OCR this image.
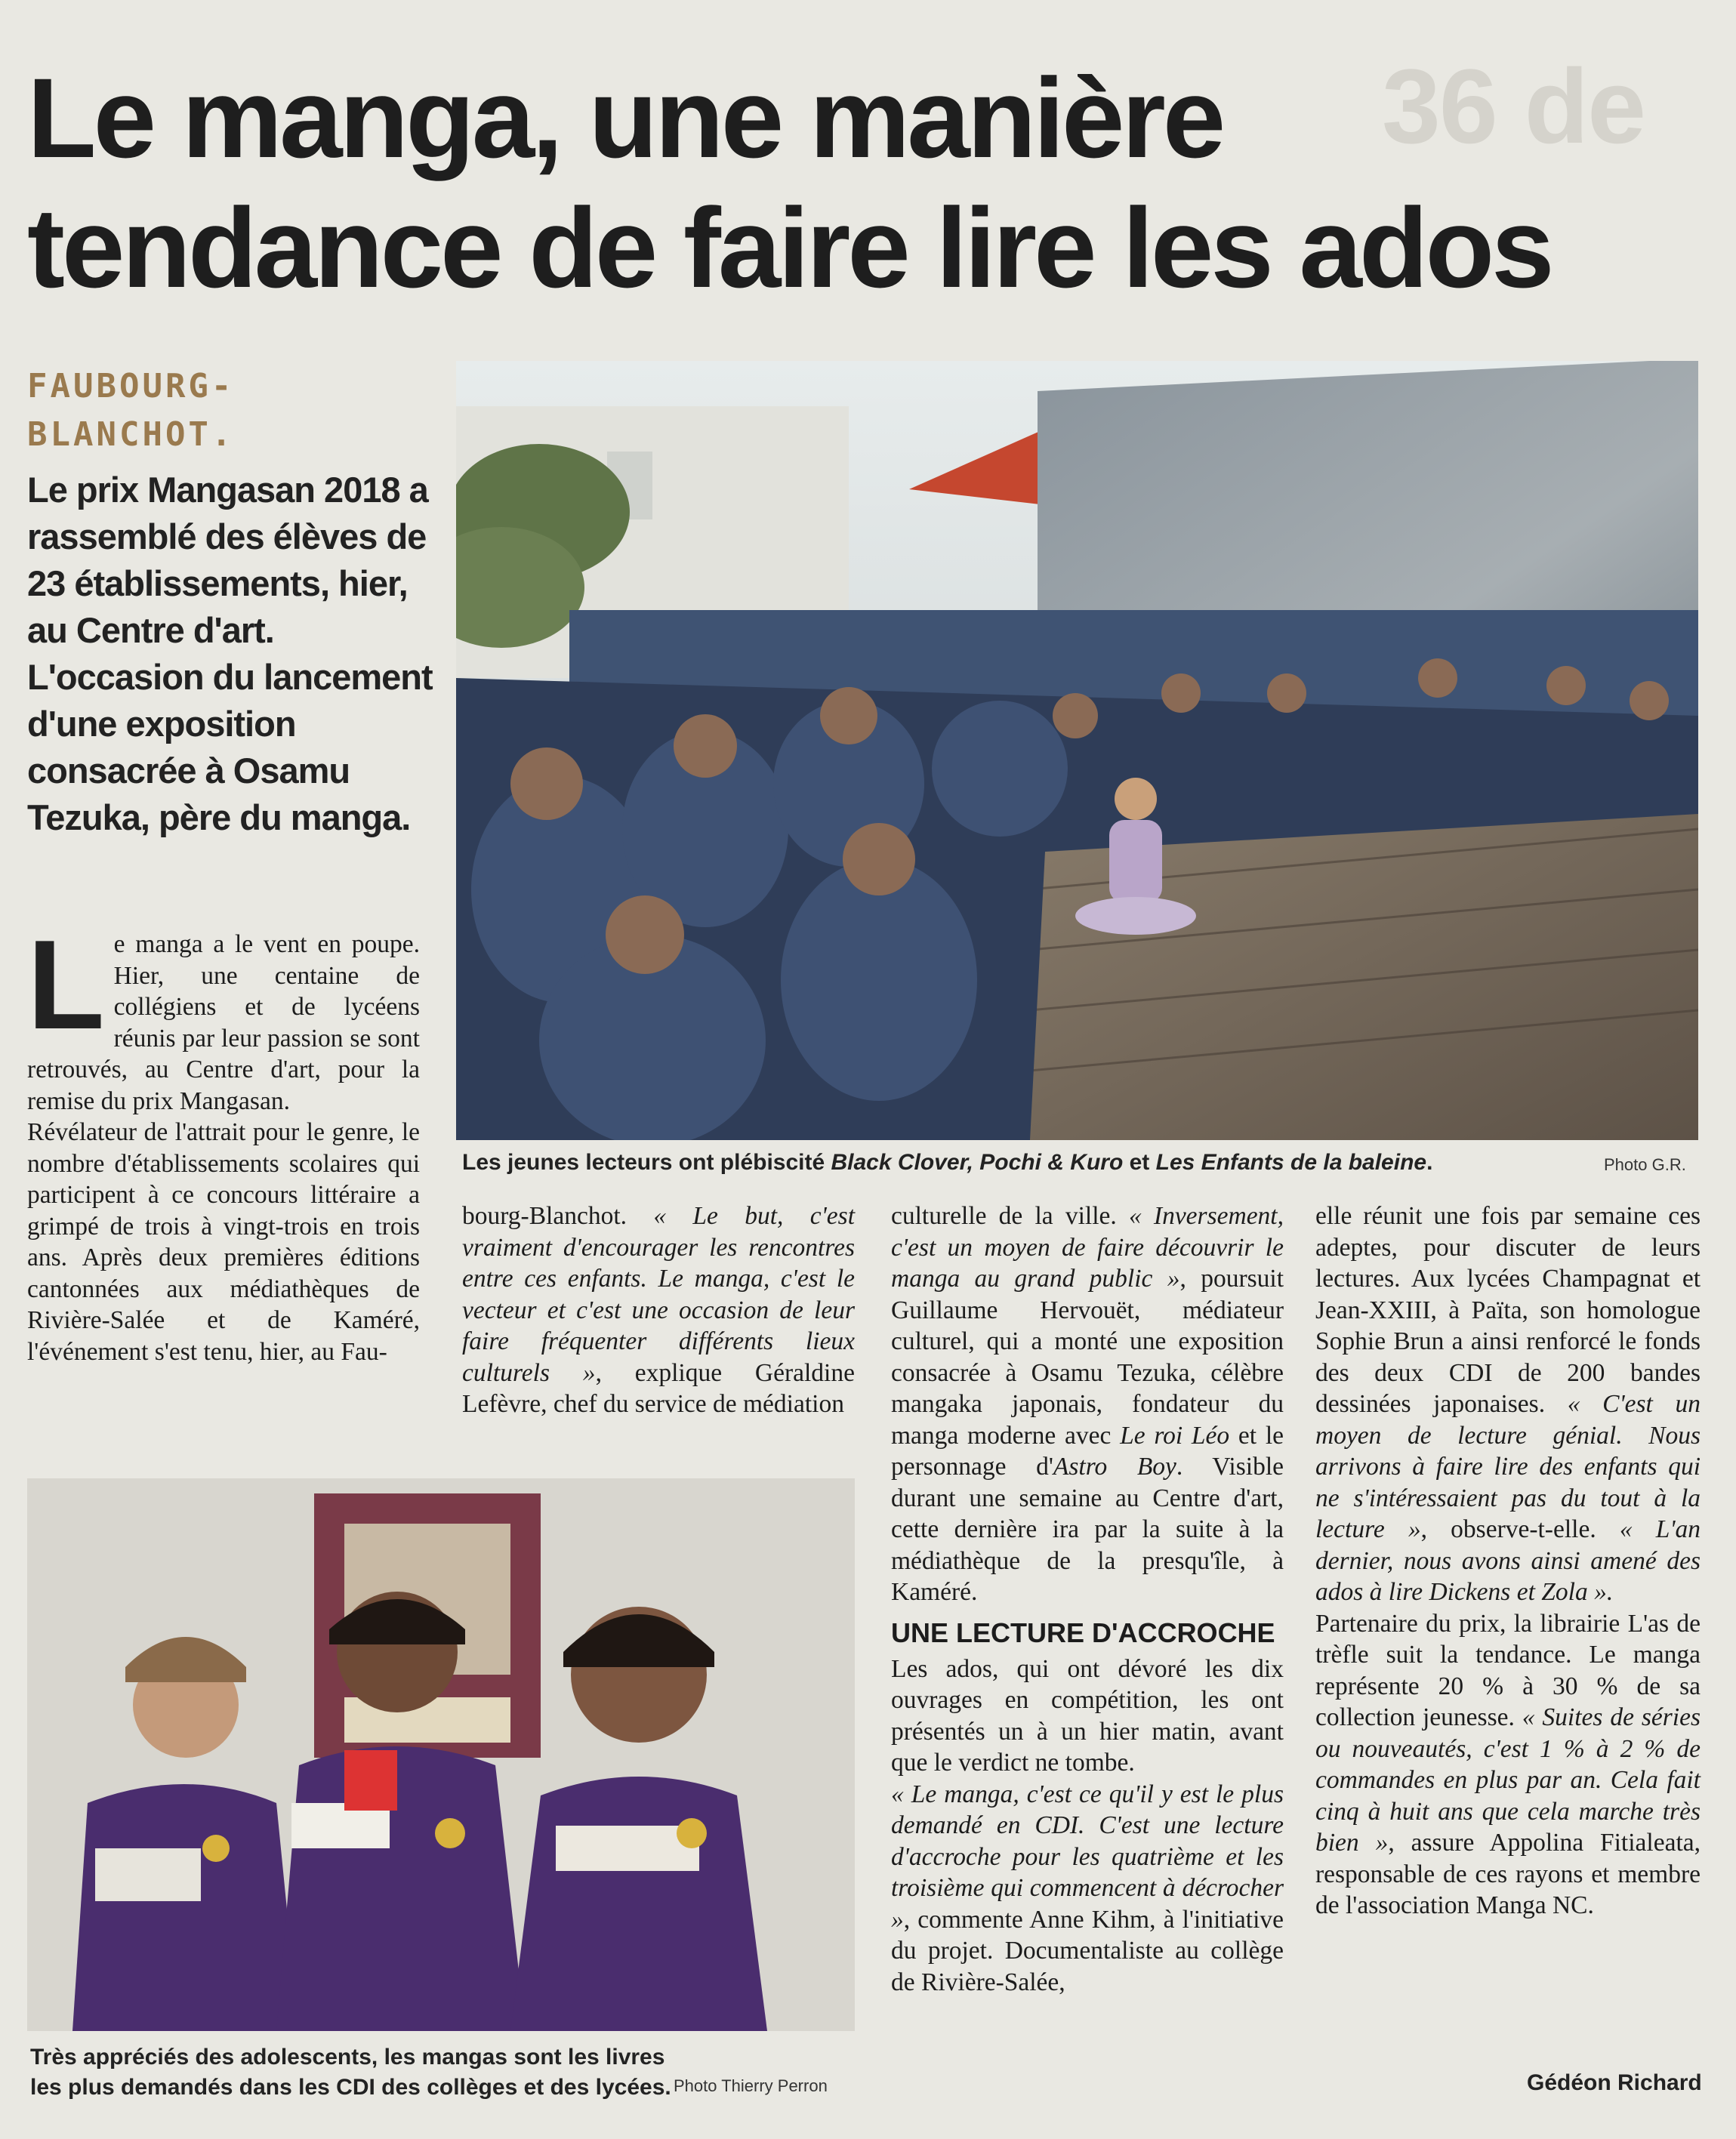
36 de
Le manga, une manière
tendance de faire lire les ados
FAUBOURG-
BLANCHOT.
Le prix Mangasan 2018 a rassemblé des élèves de 23 établissements, hier, au Centre d'art. L'occasion du lancement d'une exposition consacrée à Osamu Tezuka, père du manga.
Les jeunes lecteurs ont plébiscité Black Clover, Pochi & Kuro et Les Enfants de la baleine.	Photo G.R.

Le manga a le vent en poupe. Hier, une centaine de collégiens et de lycéens réunis par leur passion se sont retrouvés, au Centre d'art, pour la remise du prix Mangasan.

Révélateur de l'attrait pour le genre, le nombre d'établissements scolaires qui participent à ce concours littéraire a grimpé de trois à vingt-trois en trois ans. Après deux premières éditions cantonnées aux médiathèques de Rivière-Salée et de Kaméré, l'événement s'est tenu, hier, au Fau-

bourg-Blanchot. « Le but, c'est vraiment d'encourager les rencontres entre ces enfants. Le manga, c'est le vecteur et c'est une occasion de leur faire fréquenter différents lieux culturels », explique Géraldine Lefèvre, chef du service de médiation

culturelle de la ville. « Inversement, c'est un moyen de faire découvrir le manga au grand public », poursuit Guillaume Hervouët, médiateur culturel, qui a monté une exposition consacrée à Osamu Tezuka, célèbre mangaka japonais, fondateur du manga moderne avec Le roi Léo et le personnage d'Astro Boy. Visible durant une semaine au Centre d'art, cette dernière ira par la suite à la médiathèque de la presqu'île, à Kaméré.

UNE LECTURE D'ACCROCHE

Les ados, qui ont dévoré les dix ouvrages en compétition, les ont présentés un à un hier matin, avant que le verdict ne tombe.

« Le manga, c'est ce qu'il y est le plus demandé en CDI. C'est une lecture d'accroche pour les quatrième et les troisième qui commencent à décrocher », commente Anne Kihm, à l'initiative du projet. Documentaliste au collège de Rivière-Salée,

elle réunit une fois par semaine ces adeptes, pour discuter de leurs lectures. Aux lycées Champagnat et Jean-XXIII, à Païta, son homologue Sophie Brun a ainsi renforcé le fonds des deux CDI de 200 bandes dessinées japonaises. « C'est un moyen de lecture génial. Nous arrivons à faire lire des enfants qui ne s'intéressaient pas du tout à la lecture », observe-t-elle. « L'an dernier, nous avons ainsi amené des ados à lire Dickens et Zola ».

Partenaire du prix, la librairie L'as de trèfle suit la tendance. Le manga représente 20 % à 30 % de sa collection jeunesse. « Suites de séries ou nouveautés, c'est 1 % à 2 % de commandes en plus par an. Cela fait cinq à huit ans que cela marche très bien », assure Appolina Fitialeata, responsable de ces rayons et membre de l'association Manga NC.

Très appréciés des adolescents, les mangas sont les livres les plus demandés dans les CDI des collèges et des lycées. Photo Thierry Perron	Gédéon Richard
